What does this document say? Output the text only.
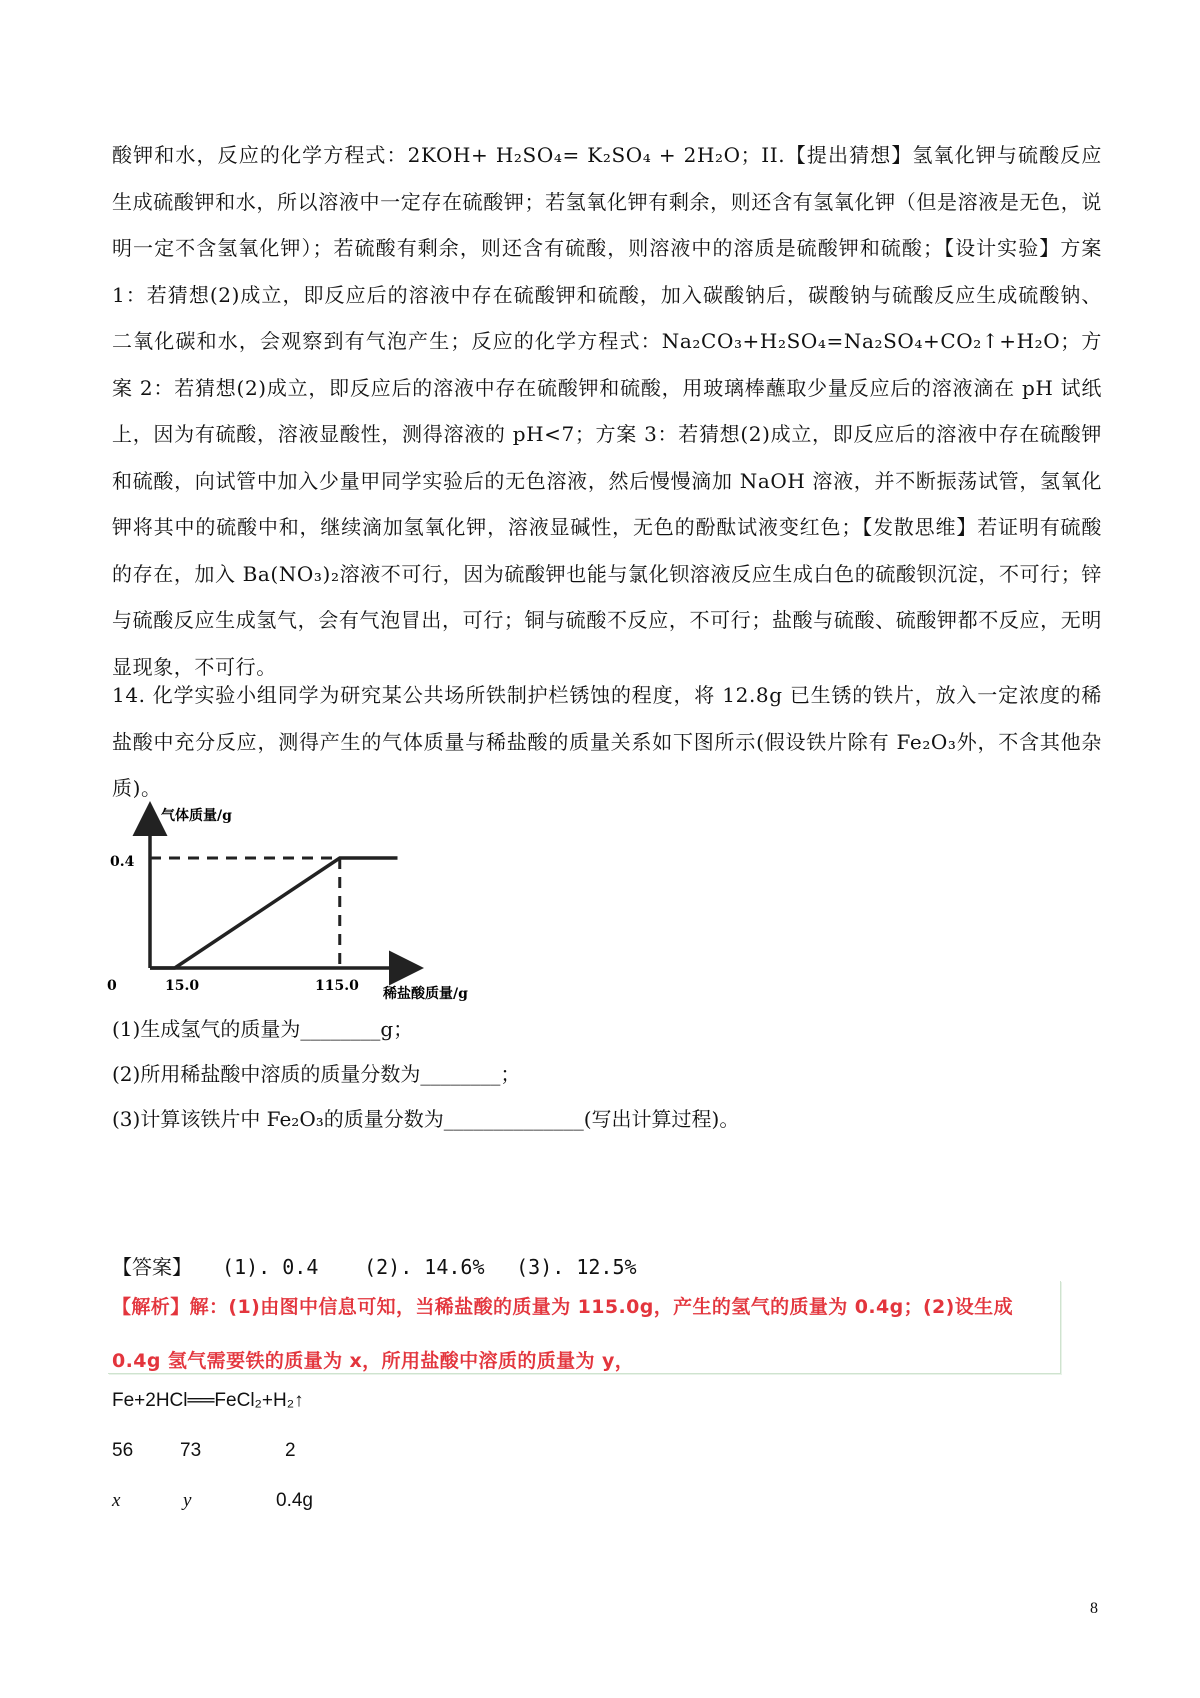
酸钾和水，反应的化学方程式：2KOH+ H₂SO₄= K₂SO₄ + 2H₂O；II.【提出猜想】氢氧化钾与硫酸反应生成硫酸钾和水，所以溶液中一定存在硫酸钾；若氢氧化钾有剩余，则还含有氢氧化钾（但是溶液是无色，说明一定不含氢氧化钾）；若硫酸有剩余，则还含有硫酸，则溶液中的溶质是硫酸钾和硫酸；【设计实验】方案 1：若猜想(2)成立，即反应后的溶液中存在硫酸钾和硫酸，加入碳酸钠后，碳酸钠与硫酸反应生成硫酸钠、二氧化碳和水，会观察到有气泡产生；反应的化学方程式：Na₂CO₃+H₂SO₄=Na₂SO₄+CO₂↑+H₂O；方案 2：若猜想(2)成立，即反应后的溶液中存在硫酸钾和硫酸，用玻璃棒蘸取少量反应后的溶液滴在 pH 试纸上，因为有硫酸，溶液显酸性，测得溶液的 pH<7；方案 3：若猜想(2)成立，即反应后的溶液中存在硫酸钾和硫酸，向试管中加入少量甲同学实验后的无色溶液，然后慢慢滴加 NaOH 溶液，并不断振荡试管，氢氧化钾将其中的硫酸中和，继续滴加氢氧化钾，溶液显碱性，无色的酚酞试液变红色；【发散思维】若证明有硫酸的存在，加入 Ba(NO₃)₂溶液不可行，因为硫酸钾也能与氯化钡溶液反应生成白色的硫酸钡沉淀，不可行；锌与硫酸反应生成氢气，会有气泡冒出，可行；铜与硫酸不反应，不可行；盐酸与硫酸、硫酸钾都不反应，无明显现象，不可行。

14. 化学实验小组同学为研究某公共场所铁制护栏锈蚀的程度，将 12.8g 已生锈的铁片，放入一定浓度的稀盐酸中充分反应，测得产生的气体质量与稀盐酸的质量关系如下图所示(假设铁片除有 Fe₂O₃外，不含其他杂质)。

气体质量/g
稀盐酸质量/g
0	15.0	115.0
0.4
(1)生成氢气的质量为________g；
(2)所用稀盐酸中溶质的质量分数为________；
(3)计算该铁片中 Fe₂O₃的质量分数为______________(写出计算过程)。
【答案】 (1). 0.4 (2). 14.6% (3). 12.5%
【解析】解：(1)由图中信息可知，当稀盐酸的质量为 115.0g，产生的氢气的质量为 0.4g；(2)设生成
0.4g 氢气需要铁的质量为 x，所用盐酸中溶质的质量为 y，
Fe+2HCl══FeCl₂+H₂↑
56 73	2
x	y	0.4g
8
